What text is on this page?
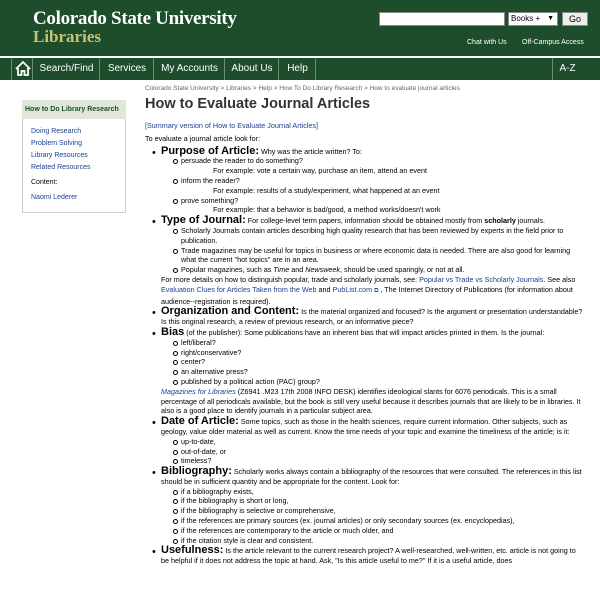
Colorado State University
Libraries
Books + ▼	Go
Chat with Us Off-Campus Access
Search/Find	Services	My Accounts	About Us	Help	A-Z
How to Do Library Research
Doing Research
Problem Solving
Library Resources
Related Resources
Content:
Naomi Lederer
Colorado State University > Libraries > Help > How To Do Library Research > How to evaluate journal articles
How to Evaluate Journal Articles
[Summary version of How to Evaluate Journal Articles]

To evaluate a journal article look for:

• Purpose of Article: Why was the article written? To:
persuade the reader to do something?
For example: vote a certain way, purchase an item, attend an event
inform the reader?
For example: results of a study/experiment, what happened at an event
prove something?
For example: that a behavior is bad/good, a method works/doesn't work
• Type of Journal: For college-level term papers, information should be obtained mostly from scholarly journals.
Scholarly Journals contain articles describing high quality research that has been reviewed by experts in the field prior to publication.
Trade magazines may be useful for topics in business or where economic data is needed. There are also good for learning what the current "hot topics" are in an area.
Popular magazines, such as Time and Newsweek, should be used sparingly, or not at all.
For more details on how to distinguish popular, trade and scholarly journals, see: Popular vs Trade vs Scholarly Journals. See also Evaluation Clues for Articles Taken from the Web and PubList.com ⧉ , The Internet Directory of Publications (for information about audience--registration is required).
• Organization and Content: Is the material organized and focused? Is the argument or presentation understandable? Is this original research, a review of previous research, or an informative piece?
• Bias (of the publisher): Some publications have an inherent bias that will impact articles printed in them. Is the journal:
left/liberal?
right/conservative?
center?
an alternative press?
published by a political action (PAC) group?
Magazines for Libraries (Z6941 .M23 17th 2008 INFO DESK) identifies ideological slants for 6076 periodicals. This is a small percentage of all periodicals available, but the book is still very useful because it describes journals that are likely to be in libraries. It also is a good place to identify journals in a particular subject area.
• Date of Article: Some topics, such as those in the health sciences, require current information. Other subjects, such as geology, value older material as well as current. Know the time needs of your topic and examine the timeliness of the article; is it:
up-to-date,
out-of-date, or
timeless?
• Bibliography: Scholarly works always contain a bibliography of the resources that were consulted. The references in this list should be in sufficient quantity and be appropriate for the content. Look for:
if a bibliography exists,
if the bibliography is short or long,
if the bibliography is selective or comprehensive,
if the references are primary sources (ex. journal articles) or only secondary sources (ex. encyclopedias),
if the references are contemporary to the article or much older, and
if the citation style is clear and consistent.
• Usefulness: Is the article relevant to the current research project? A well-researched, well-written, etc. article is not going to be helpful if it does not address the topic at hand. Ask, "Is this article useful to me?" If it is a useful article, does
